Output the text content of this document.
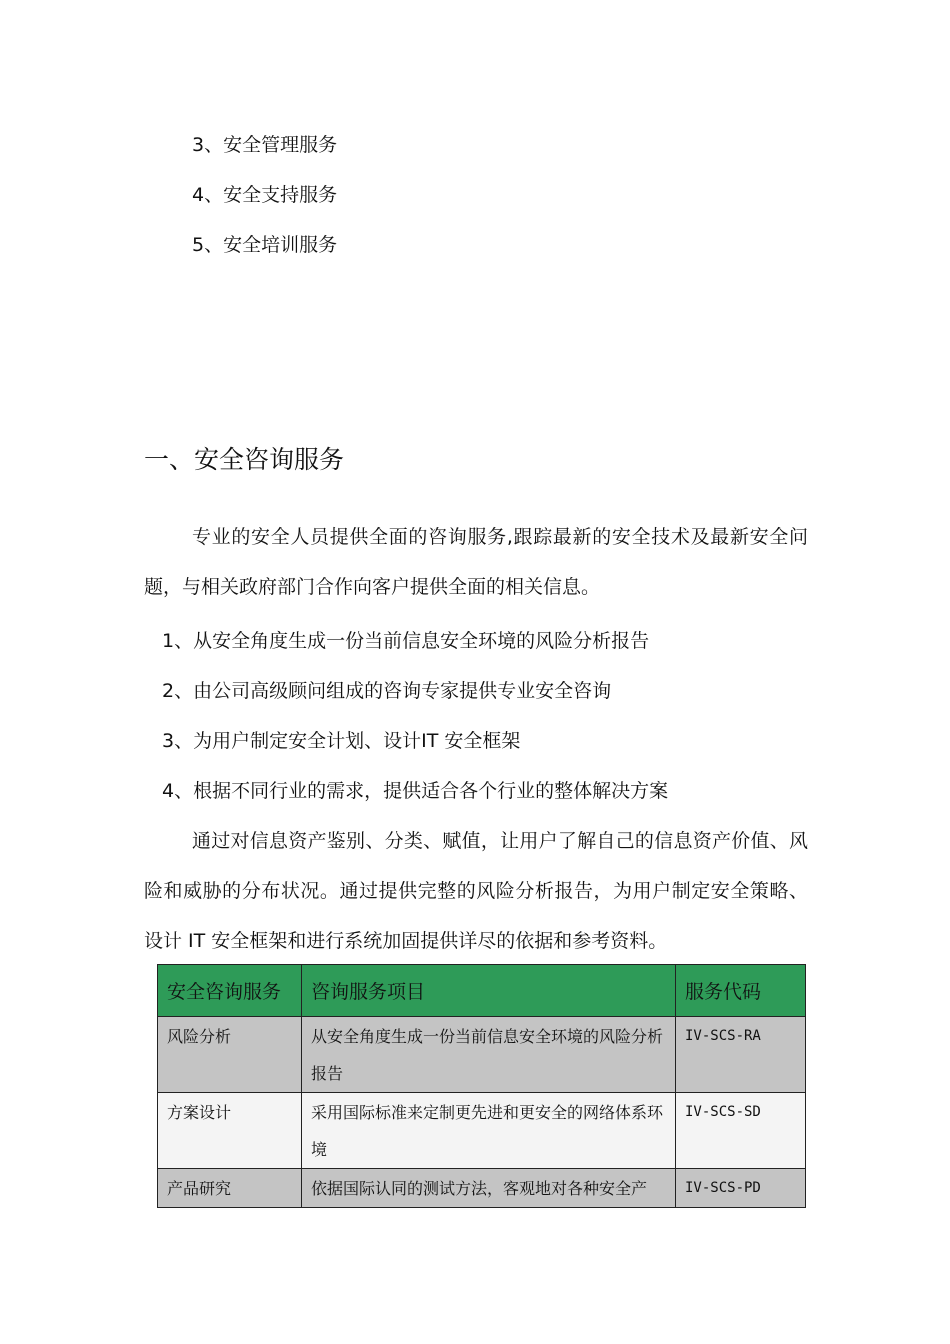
3、安全管理服务
4、安全支持服务
5、安全培训服务
一、安全咨询服务

专业的安全人员提供全面的咨询服务,跟踪最新的安全技术及最新安全问题，与相关政府部门合作向客户提供全面的相关信息。

1、从安全角度生成一份当前信息安全环境的风险分析报告
2、由公司高级顾问组成的咨询专家提供专业安全咨询
3、为用户制定安全计划、设计IT 安全框架
4、根据不同行业的需求，提供适合各个行业的整体解决方案

通过对信息资产鉴别、分类、赋值，让用户了解自己的信息资产价值、风险和威胁的分布状况。通过提供完整的风险分析报告，为用户制定安全策略、设计 IT 安全框架和进行系统加固提供详尽的依据和参考资料。

安全咨询服务	咨询服务项目	服务代码
风险分析	从安全角度生成一份当前信息安全环境的风险分析报告	IV-SCS-RA
方案设计	采用国际标准来定制更先进和更安全的网络体系环境	IV-SCS-SD
产品研究	依据国际认同的测试方法，客观地对各种安全产	IV-SCS-PD
